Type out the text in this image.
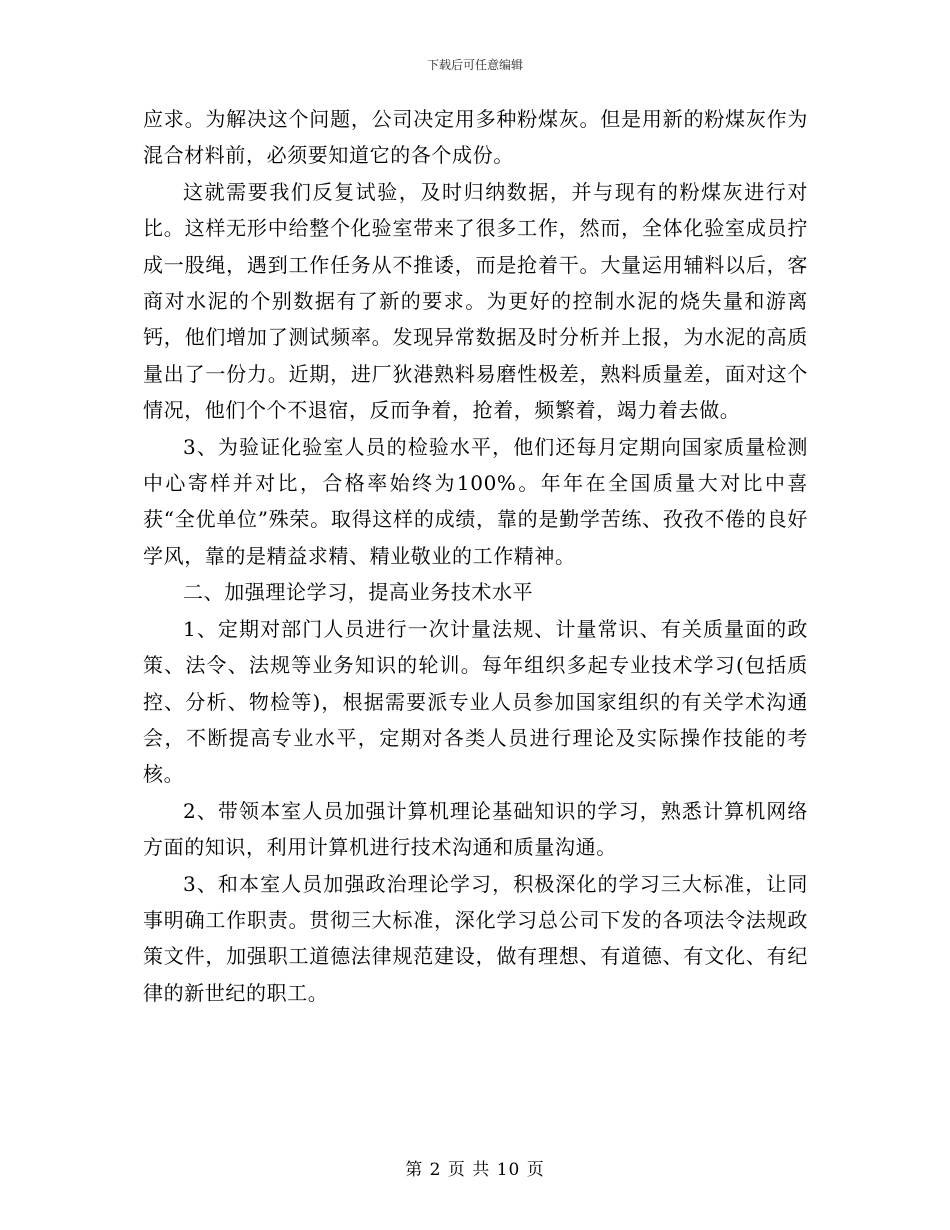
下载后可任意编辑

应求。为解决这个问题，公司决定用多种粉煤灰。但是用新的粉煤灰作为混合材料前，必须要知道它的各个成份。

这就需要我们反复试验，及时归纳数据，并与现有的粉煤灰进行对比。这样无形中给整个化验室带来了很多工作，然而，全体化验室成员拧成一股绳，遇到工作任务从不推诿，而是抢着干。大量运用辅料以后，客商对水泥的个别数据有了新的要求。为更好的控制水泥的烧失量和游离钙，他们增加了测试频率。发现异常数据及时分析并上报，为水泥的高质量出了一份力。近期，进厂狄港熟料易磨性极差，熟料质量差，面对这个情况，他们个个不退宿，反而争着，抢着，频繁着，竭力着去做。

3、为验证化验室人员的检验水平，他们还每月定期向国家质量检测中心寄样并对比，合格率始终为100%。年年在全国质量大对比中喜获“全优单位”殊荣。取得这样的成绩，靠的是勤学苦练、孜孜不倦的良好学风，靠的是精益求精、精业敬业的工作精神。

二、加强理论学习，提高业务技术水平

1、定期对部门人员进行一次计量法规、计量常识、有关质量面的政策、法令、法规等业务知识的轮训。每年组织多起专业技术学习(包括质控、分析、物检等)，根据需要派专业人员参加国家组织的有关学术沟通会，不断提高专业水平，定期对各类人员进行理论及实际操作技能的考核。

2、带领本室人员加强计算机理论基础知识的学习，熟悉计算机网络方面的知识，利用计算机进行技术沟通和质量沟通。

3、和本室人员加强政治理论学习，积极深化的学习三大标准，让同事明确工作职责。贯彻三大标准，深化学习总公司下发的各项法令法规政策文件，加强职工道德法律规范建设，做有理想、有道德、有文化、有纪律的新世纪的职工。

第 2 页 共 10 页
